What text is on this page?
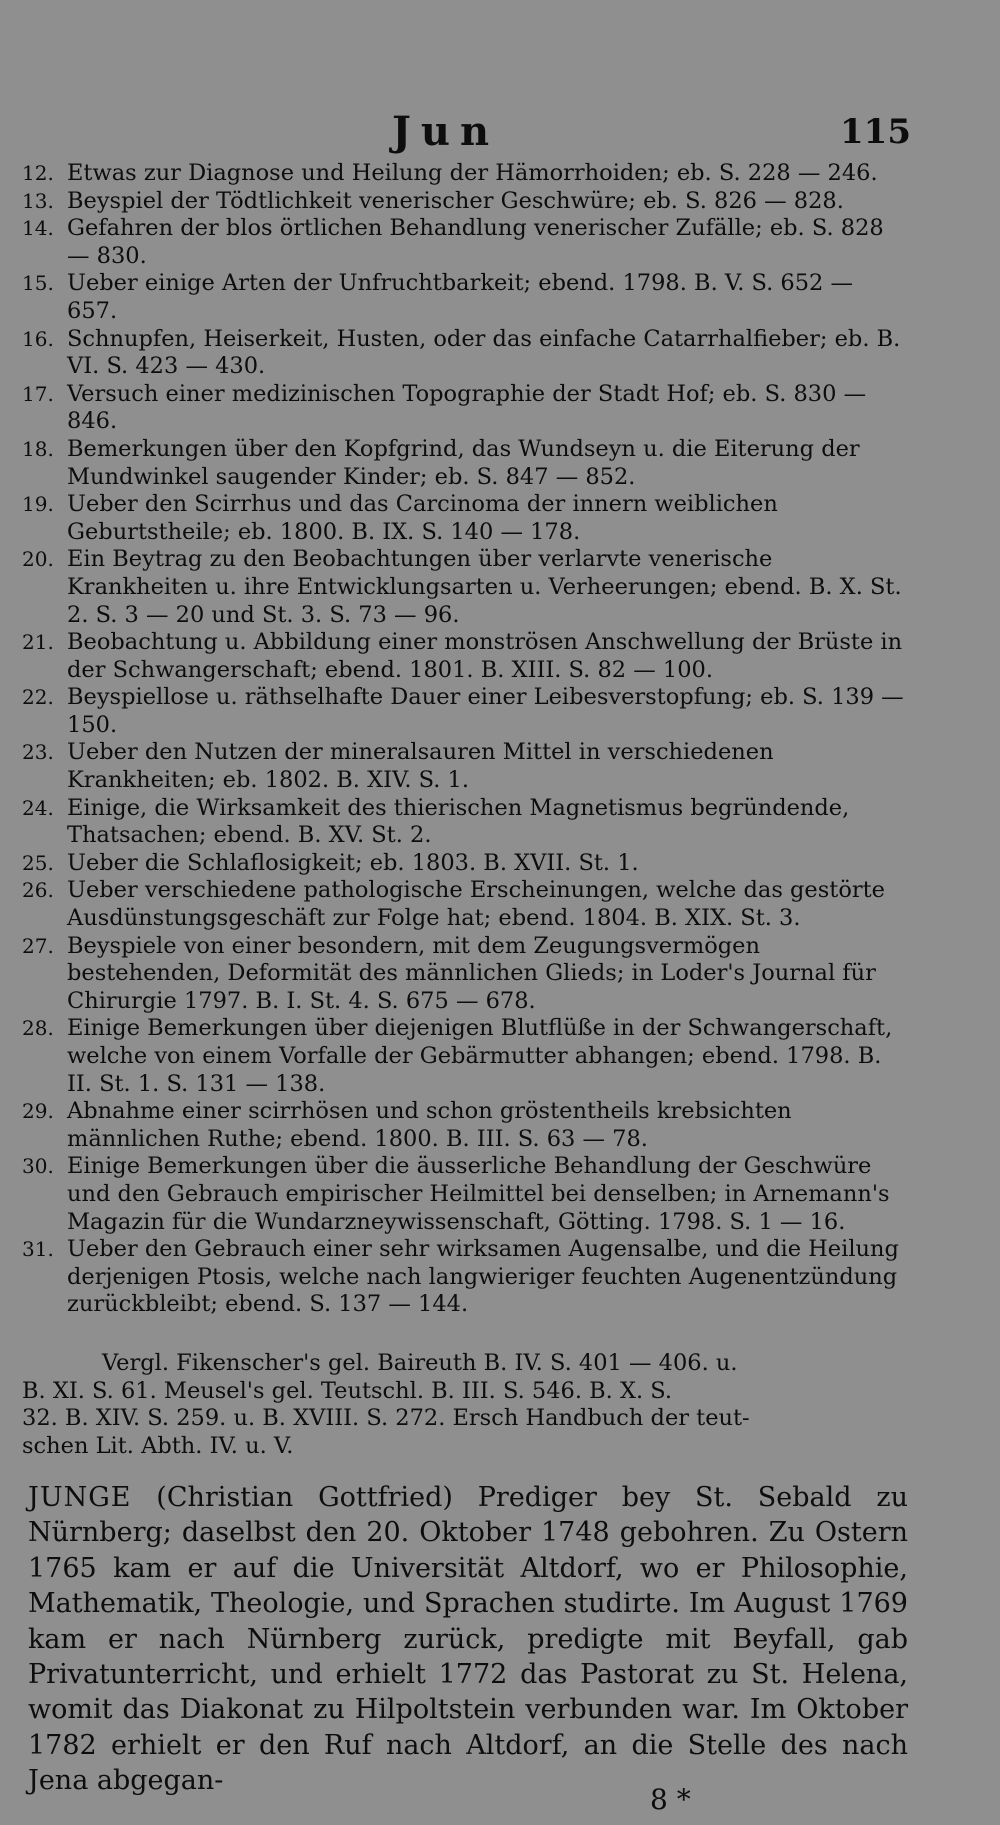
Jun	115
12. Etwas zur Diagnose und Heilung der Hämorrhoiden; eb. S. 228 — 246.
13. Beyspiel der Tödtlichkeit venerischer Geschwüre; eb. S. 826 — 828.
14. Gefahren der blos örtlichen Behandlung venerischer Zufälle; eb. S. 828 — 830.
15. Ueber einige Arten der Unfruchtbarkeit; ebend. 1798. B. V. S. 652 — 657.
16. Schnupfen, Heiserkeit, Husten, oder das einfache Catarrhalfieber; eb. B. VI. S. 423 — 430.
17. Versuch einer medizinischen Topographie der Stadt Hof; eb. S. 830 — 846.
18. Bemerkungen über den Kopfgrind, das Wundseyn u. die Eiterung der Mundwinkel saugender Kinder; eb. S. 847 — 852.
19. Ueber den Scirrhus und das Carcinoma der innern weiblichen Geburtstheile; eb. 1800. B. IX. S. 140 — 178.
20. Ein Beytrag zu den Beobachtungen über verlarvte venerische Krankheiten u. ihre Entwicklungsarten u. Verheerungen; ebend. B. X. St. 2. S. 3 — 20 und St. 3. S. 73 — 96.
21. Beobachtung u. Abbildung einer monströsen Anschwellung der Brüste in der Schwangerschaft; ebend. 1801. B. XIII. S. 82 — 100.
22. Beyspiellose u. räthselhafte Dauer einer Leibesverstopfung; eb. S. 139 — 150.
23. Ueber den Nutzen der mineralsauren Mittel in verschiedenen Krankheiten; eb. 1802. B. XIV. S. 1.
24. Einige, die Wirksamkeit des thierischen Magnetismus begründende, Thatsachen; ebend. B. XV. St. 2.
25. Ueber die Schlaflosigkeit; eb. 1803. B. XVII. St. 1.
26. Ueber verschiedene pathologische Erscheinungen, welche das gestörte Ausdünstungsgeschäft zur Folge hat; ebend. 1804. B. XIX. St. 3.
27. Beyspiele von einer besondern, mit dem Zeugungsvermögen bestehenden, Deformität des männlichen Glieds; in Loder's Journal für Chirurgie 1797. B. I. St. 4. S. 675 — 678.
28. Einige Bemerkungen über diejenigen Blutflüße in der Schwangerschaft, welche von einem Vorfalle der Gebärmutter abhangen; ebend. 1798. B. II. St. 1. S. 131 — 138.
29. Abnahme einer scirrhösen und schon gröstentheils krebsichten männlichen Ruthe; ebend. 1800. B. III. S. 63 — 78.
30. Einige Bemerkungen über die äusserliche Behandlung der Geschwüre und den Gebrauch empirischer Heilmittel bei denselben; in Arnemann's Magazin für die Wundarzneywissenschaft, Götting. 1798. S. 1 — 16.
31. Ueber den Gebrauch einer sehr wirksamen Augensalbe, und die Heilung derjenigen Ptosis, welche nach langwieriger feuchten Augenentzündung zurückbleibt; ebend. S. 137 — 144.
Vergl. Fikenscher's gel. Baireuth B. IV. S. 401 — 406. u.
B. XI. S. 61. Meusel's gel. Teutschl. B. III. S. 546. B. X. S.
32. B. XIV. S. 259. u. B. XVIII. S. 272. Ersch Handbuch der teut-
schen Lit. Abth. IV. u. V.
JUNGE (Christian Gottfried) Prediger bey St. Sebald zu Nürnberg; daselbst den 20. Oktober 1748 gebohren. Zu Ostern 1765 kam er auf die Universität Altdorf, wo er Philosophie, Mathematik, Theologie, und Sprachen studirte. Im August 1769 kam er nach Nürnberg zurück, predigte mit Beyfall, gab Privatunterricht, und erhielt 1772 das Pastorat zu St. Helena, womit das Diakonat zu Hilpoltstein verbunden war. Im Oktober 1782 erhielt er den Ruf nach Altdorf, an die Stelle des nach Jena abgegan-
8 *
